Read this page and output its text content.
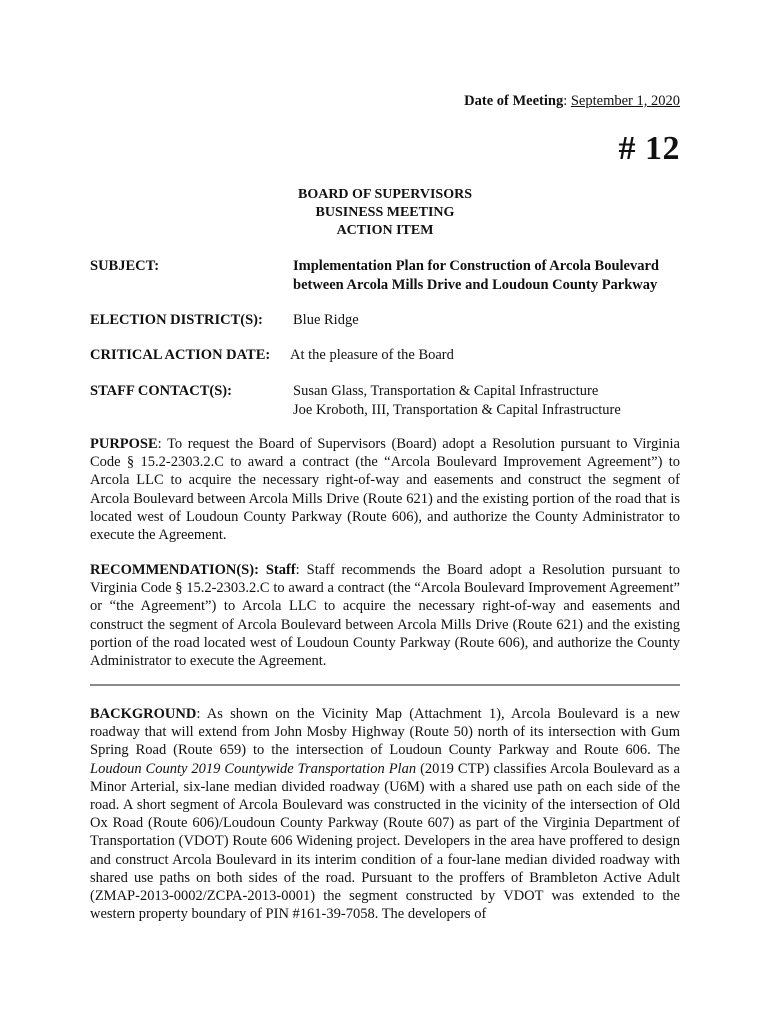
Date of Meeting: September 1, 2020
# 12
BOARD OF SUPERVISORS
BUSINESS MEETING
ACTION ITEM
SUBJECT:	Implementation Plan for Construction of Arcola Boulevard
between Arcola Mills Drive and Loudoun County Parkway
ELECTION DISTRICT(S): Blue Ridge
CRITICAL ACTION DATE: At the pleasure of the Board
STAFF CONTACT(S):	Susan Glass, Transportation & Capital Infrastructure
Joe Kroboth, III, Transportation & Capital Infrastructure
PURPOSE: To request the Board of Supervisors (Board) adopt a Resolution pursuant to Virginia Code § 15.2-2303.2.C to award a contract (the “Arcola Boulevard Improvement Agreement”) to Arcola LLC to acquire the necessary right-of-way and easements and construct the segment of Arcola Boulevard between Arcola Mills Drive (Route 621) and the existing portion of the road that is located west of Loudoun County Parkway (Route 606), and authorize the County Administrator to execute the Agreement.
RECOMMENDATION(S): Staff: Staff recommends the Board adopt a Resolution pursuant to Virginia Code § 15.2-2303.2.C to award a contract (the “Arcola Boulevard Improvement Agreement” or “the Agreement”) to Arcola LLC to acquire the necessary right-of-way and easements and construct the segment of Arcola Boulevard between Arcola Mills Drive (Route 621) and the existing portion of the road located west of Loudoun County Parkway (Route 606), and authorize the County Administrator to execute the Agreement.
BACKGROUND: As shown on the Vicinity Map (Attachment 1), Arcola Boulevard is a new roadway that will extend from John Mosby Highway (Route 50) north of its intersection with Gum Spring Road (Route 659) to the intersection of Loudoun County Parkway and Route 606. The Loudoun County 2019 Countywide Transportation Plan (2019 CTP) classifies Arcola Boulevard as a Minor Arterial, six-lane median divided roadway (U6M) with a shared use path on each side of the road. A short segment of Arcola Boulevard was constructed in the vicinity of the intersection of Old Ox Road (Route 606)/Loudoun County Parkway (Route 607) as part of the Virginia Department of Transportation (VDOT) Route 606 Widening project. Developers in the area have proffered to design and construct Arcola Boulevard in its interim condition of a four-lane median divided roadway with shared use paths on both sides of the road. Pursuant to the proffers of Brambleton Active Adult (ZMAP-2013-0002/ZCPA-2013-0001) the segment constructed by VDOT was extended to the western property boundary of PIN #161-39-7058. The developers of
